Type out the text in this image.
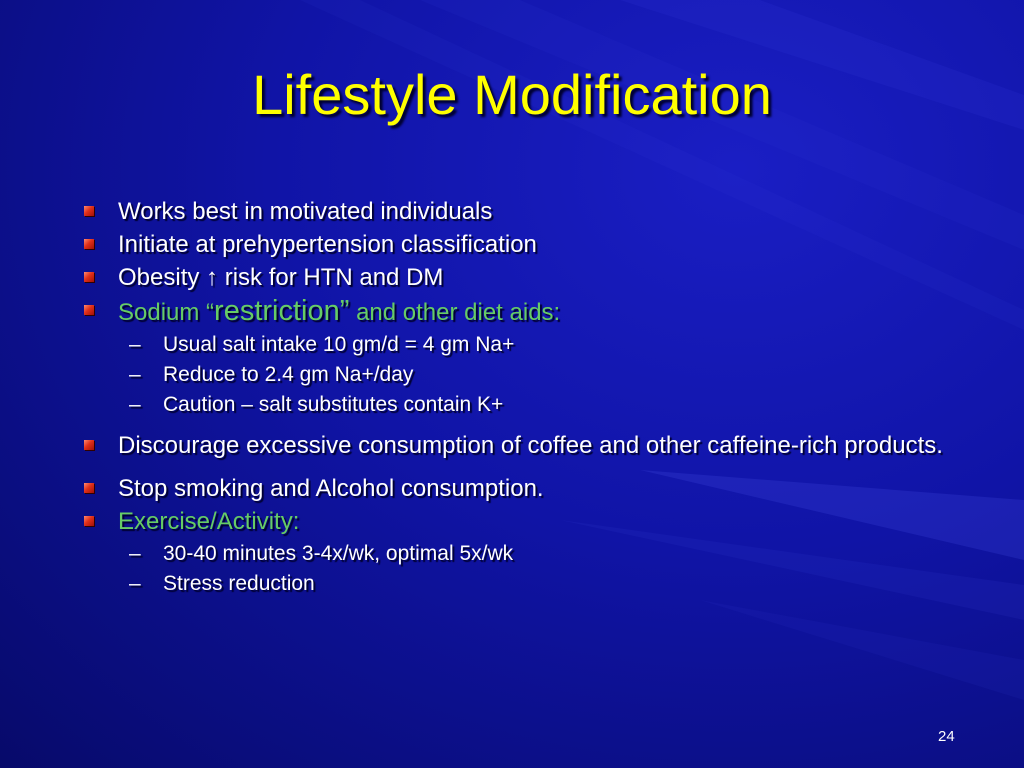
Lifestyle Modification
Works best in motivated individuals
Initiate at prehypertension classification
Obesity ↑ risk for HTN and DM
Sodium “restriction” and other diet aids:
– Usual salt intake 10 gm/d = 4 gm Na+
– Reduce to 2.4 gm Na+/day
– Caution – salt substitutes contain K+
Discourage excessive consumption of coffee and other caffeine-rich products.
Stop smoking and Alcohol consumption.
Exercise/Activity:
– 30-40 minutes 3-4x/wk, optimal 5x/wk
– Stress reduction
24
